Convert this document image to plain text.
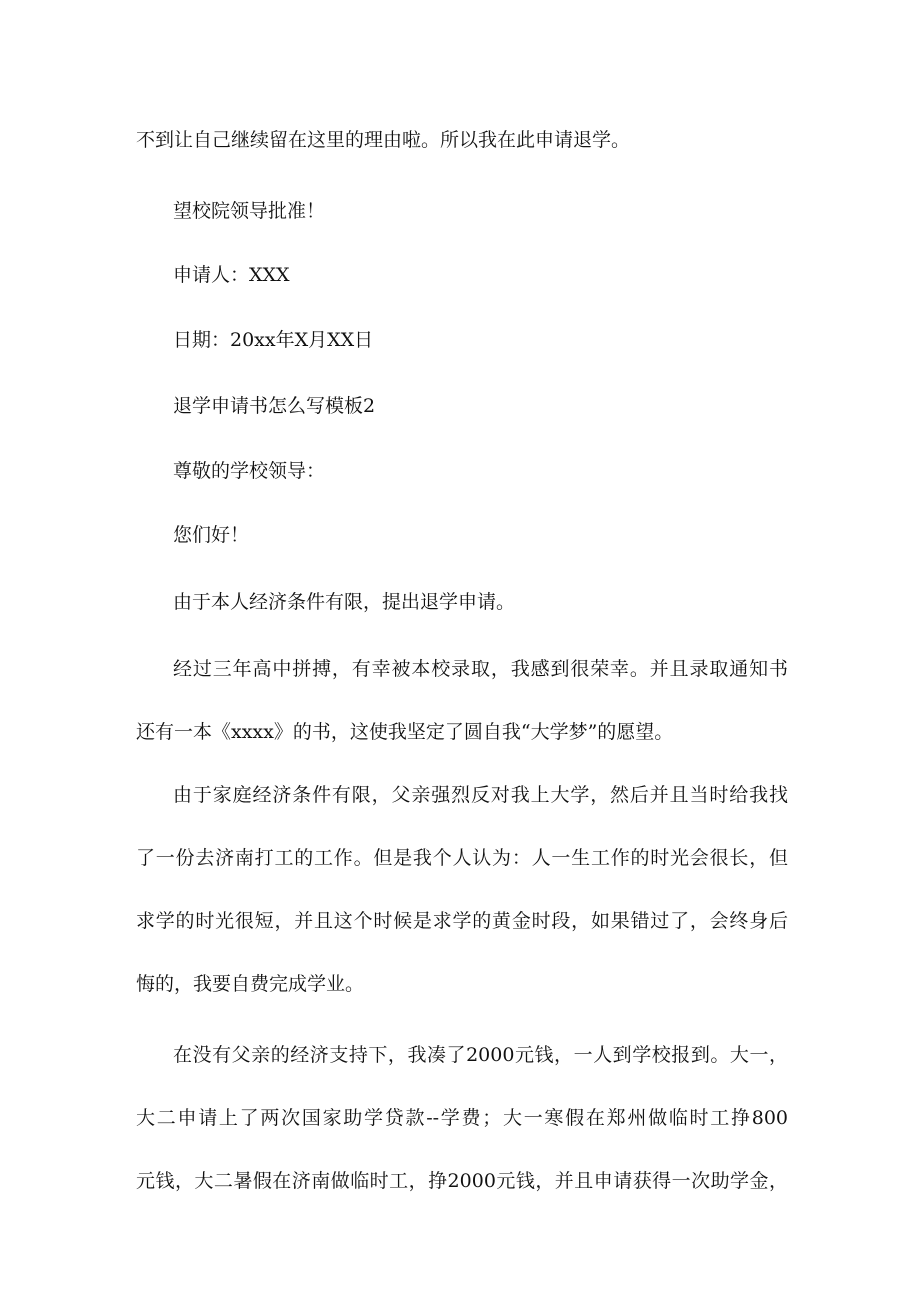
不到让自己继续留在这里的理由啦。所以我在此申请退学。
望校院领导批准！
申请人：XXX
日期：20xx年X月XX日
退学申请书怎么写模板2
尊敬的学校领导：
您们好！
由于本人经济条件有限，提出退学申请。
经过三年高中拼搏，有幸被本校录取，我感到很荣幸。并且录取通知书
还有一本《xxxx》的书，这使我坚定了圆自我“大学梦”的愿望。
由于家庭经济条件有限，父亲强烈反对我上大学，然后并且当时给我找
了一份去济南打工的工作。但是我个人认为：人一生工作的时光会很长，但
求学的时光很短，并且这个时候是求学的黄金时段，如果错过了，会终身后
悔的，我要自费完成学业。
在没有父亲的经济支持下，我凑了2000元钱，一人到学校报到。大一，
大二申请上了两次国家助学贷款--学费；大一寒假在郑州做临时工挣800
元钱，大二暑假在济南做临时工，挣2000元钱，并且申请获得一次助学金，
